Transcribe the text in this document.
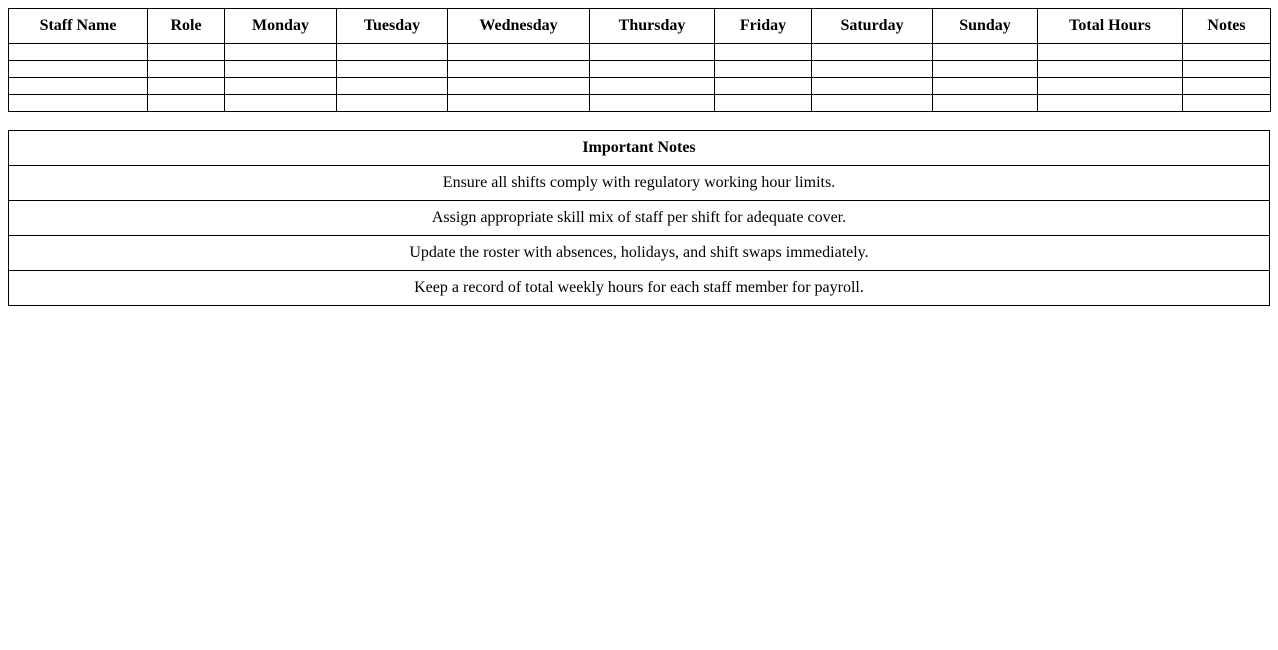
Staff Name	Role	Monday	Tuesday	Wednesday	Thursday	Friday	Saturday	Sunday	Total Hours	Notes

Important Notes
Ensure all shifts comply with regulatory working hour limits.
Assign appropriate skill mix of staff per shift for adequate cover.
Update the roster with absences, holidays, and shift swaps immediately.
Keep a record of total weekly hours for each staff member for payroll.
